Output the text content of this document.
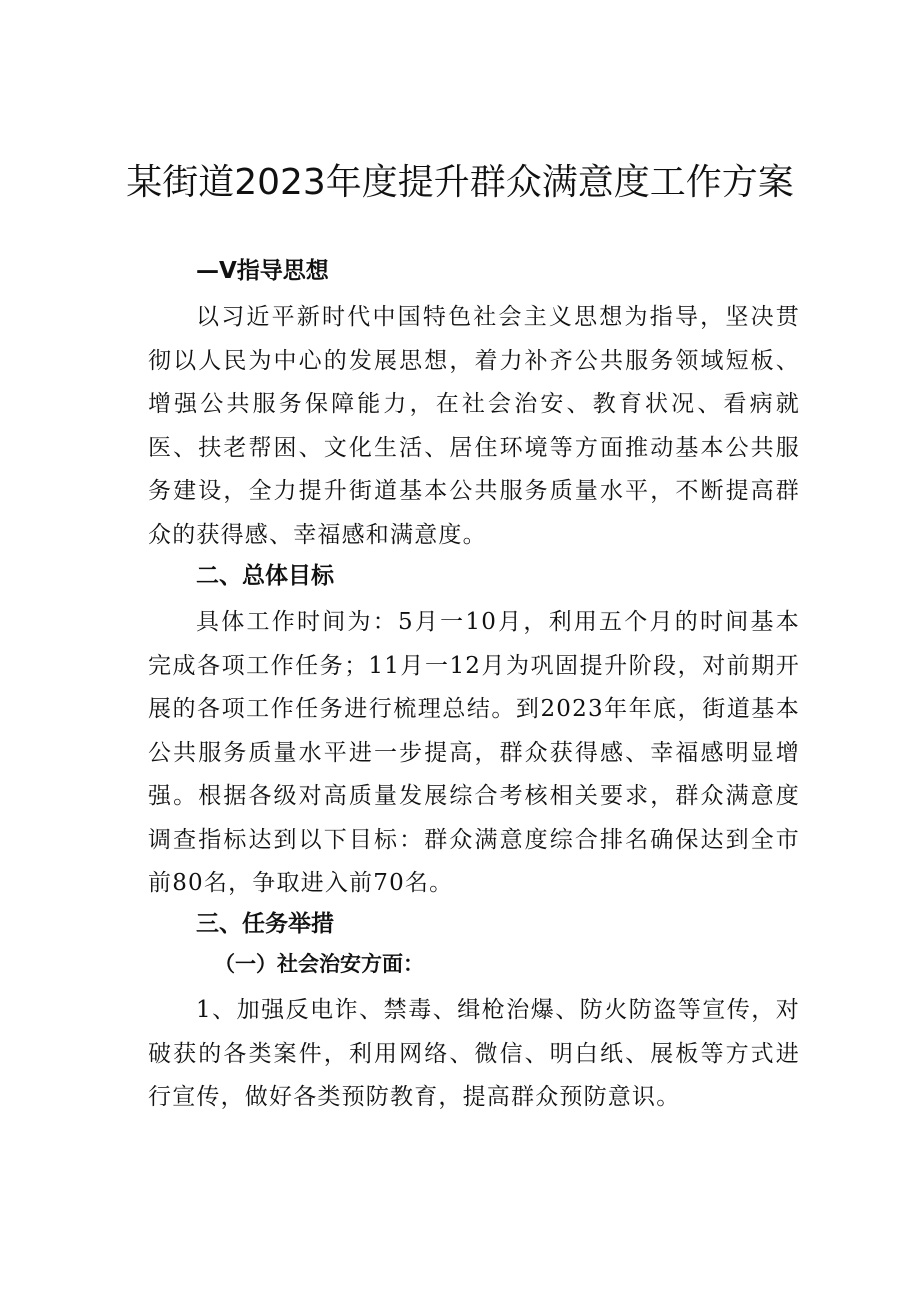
某街道2023年度提升群众满意度工作方案
—V指导思想

以习近平新时代中国特色社会主义思想为指导，坚决贯彻以人民为中心的发展思想，着力补齐公共服务领域短板、增强公共服务保障能力，在社会治安、教育状况、看病就医、扶老帮困、文化生活、居住环境等方面推动基本公共服务建设，全力提升街道基本公共服务质量水平，不断提高群众的获得感、幸福感和满意度。

二、总体目标

具体工作时间为：5月一10月，利用五个月的时间基本完成各项工作任务；11月一12月为巩固提升阶段，对前期开展的各项工作任务进行梳理总结。到2023年年底，街道基本公共服务质量水平进一步提高，群众获得感、幸福感明显增强。根据各级对高质量发展综合考核相关要求，群众满意度调查指标达到以下目标：群众满意度综合排名确保达到全市前80名，争取进入前70名。

三、任务举措
（一）社会治安方面：

1、加强反电诈、禁毒、缉枪治爆、防火防盗等宣传，对破获的各类案件，利用网络、微信、明白纸、展板等方式进行宣传，做好各类预防教育，提高群众预防意识。
